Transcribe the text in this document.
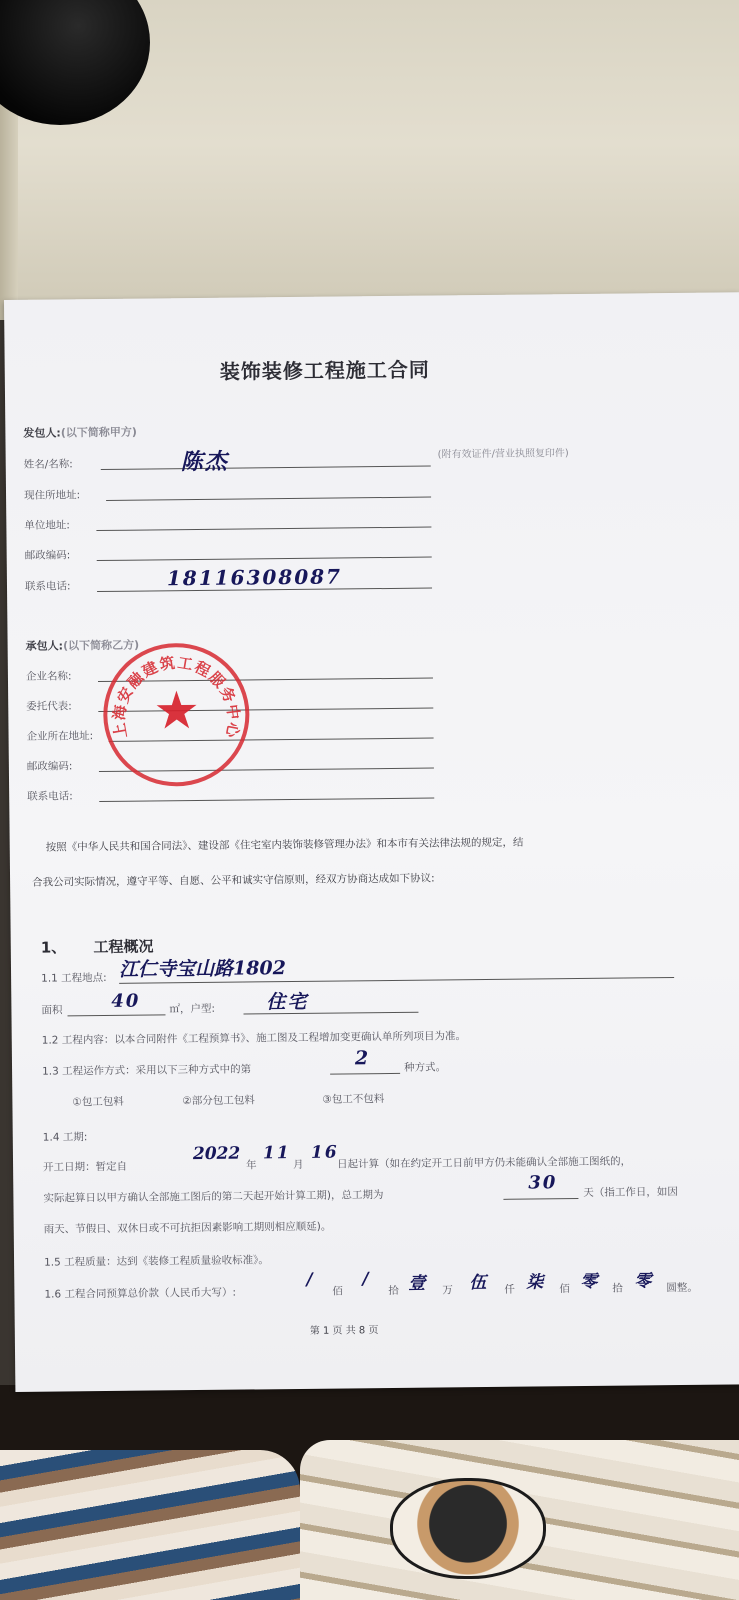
装饰装修工程施工合同
发包人:(以下简称甲方)
姓名/名称:	陈杰	(附有效证件/营业执照复印件)
现住所地址:
单位地址:
邮政编码:
联系电话:	18116308087
承包人:(以下简称乙方)
企业名称:
委托代表:
企业所在地址:
邮政编码:
联系电话:
上海安融建筑工程服务中心
★
按照《中华人民共和国合同法》、建设部《住宅室内装饰装修管理办法》和本市有关法律法规的规定，结
合我公司实际情况，遵守平等、自愿、公平和诚实守信原则，经双方协商达成如下协议:
1、 工程概况
1.1 工程地点: 江仁寺宝山路1802
面积	40	㎡，户型:	住宅
1.2 工程内容：以本合同附件《工程预算书》、施工图及工程增加变更确认单所列项目为准。
1.3 工程运作方式：采用以下三种方式中的第
2	种方式。
①包工包料	②部分包工包料	③包工不包料
1.4 工期:
开工日期：暂定自
2022
年
11
月
16
日起计算（如在约定开工日前甲方仍未能确认全部施工图纸的，
实际起算日以甲方确认全部施工图后的第二天起开始计算工期)，总工期为
30 天（指工作日，如因
雨天、节假日、双休日或不可抗拒因素影响工期则相应顺延)。
1.5 工程质量：达到《装修工程质量验收标准》。
1.6 工程合同预算总价款（人民币大写）:
/
佰
/
拾 壹 万 伍 仟 柒 佰 零 拾 零 圆整。
第 1 页 共 8 页
